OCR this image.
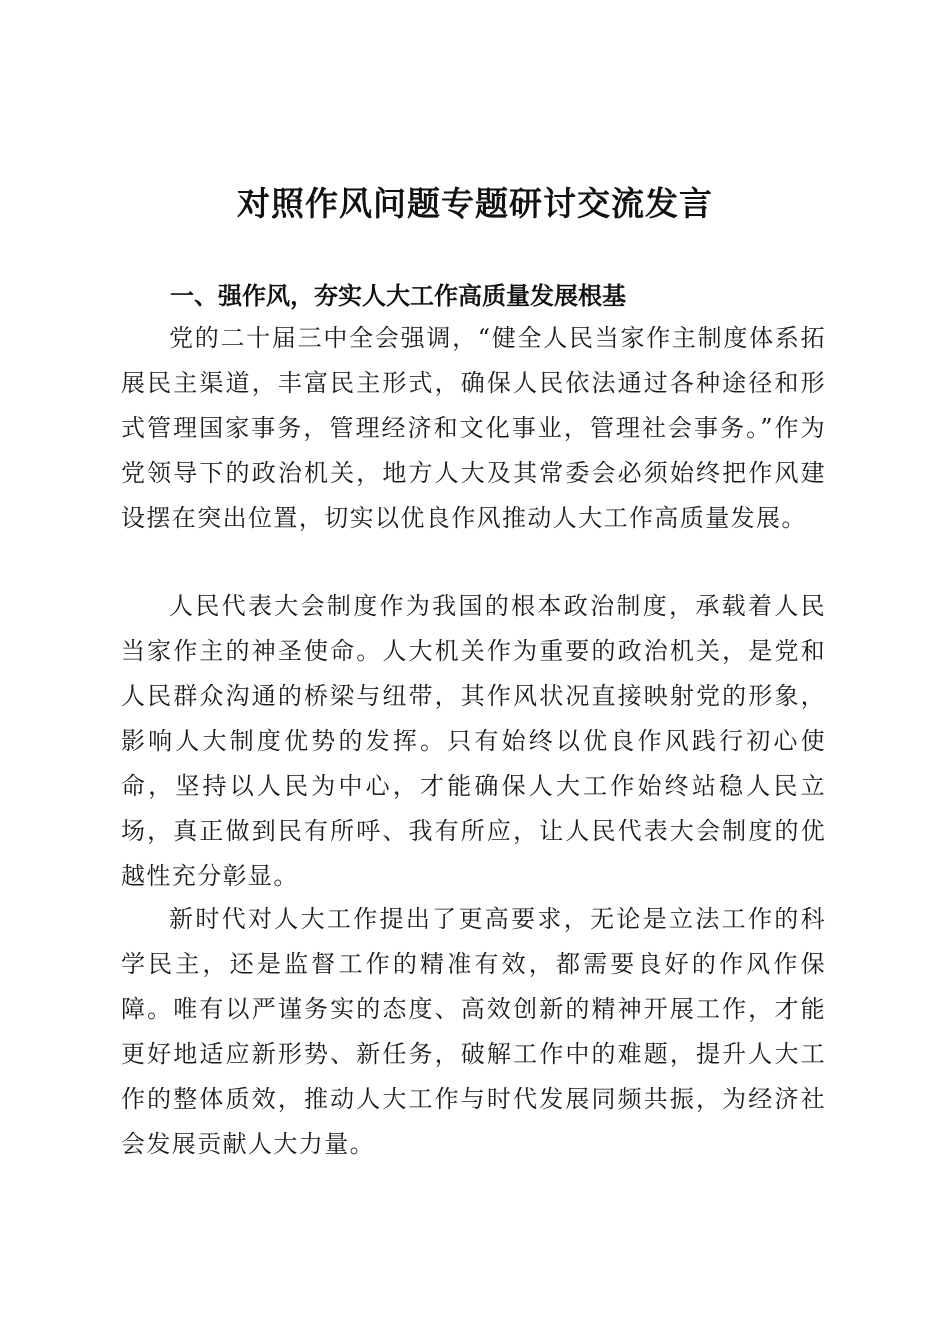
对照作风问题专题研讨交流发言
一、强作风，夯实人大工作高质量发展根基

党的二十届三中全会强调，“健全人民当家作主制度体系拓展民主渠道，丰富民主形式，确保人民依法通过各种途径和形式管理国家事务，管理经济和文化事业，管理社会事务。”作为党领导下的政治机关，地方人大及其常委会必须始终把作风建设摆在突出位置，切实以优良作风推动人大工作高质量发展。

人民代表大会制度作为我国的根本政治制度，承载着人民当家作主的神圣使命。人大机关作为重要的政治机关，是党和人民群众沟通的桥梁与纽带，其作风状况直接映射党的形象，影响人大制度优势的发挥。只有始终以优良作风践行初心使命，坚持以人民为中心，才能确保人大工作始终站稳人民立场，真正做到民有所呼、我有所应，让人民代表大会制度的优越性充分彰显。

新时代对人大工作提出了更高要求，无论是立法工作的科学民主，还是监督工作的精准有效，都需要良好的作风作保障。唯有以严谨务实的态度、高效创新的精神开展工作，才能更好地适应新形势、新任务，破解工作中的难题，提升人大工作的整体质效，推动人大工作与时代发展同频共振，为经济社会发展贡献人大力量。
